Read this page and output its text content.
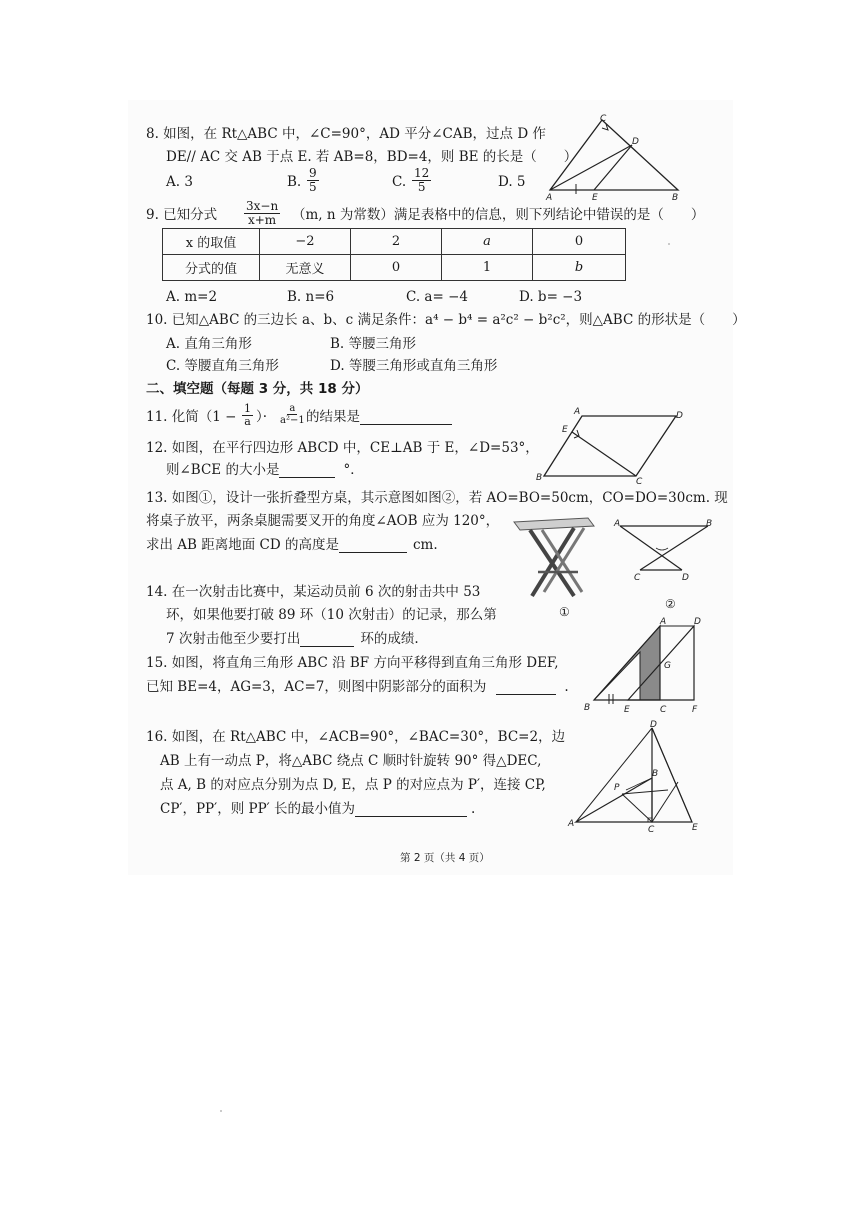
8. 如图，在 Rt△ABC 中，∠C=90°，AD 平分∠CAB，过点 D 作
DE// AC 交 AB 于点 E. 若 AB=8，BD=4，则 BE 的长是（　　）
A. 3	B. $\frac{9}{5}$	C. $\frac{12}{5}$	D. 5
C
D
A	E	B
9. 已知分式 $\frac{3x-n}{x+m} (m$, n 为常数）满足表格中的信息，则下列结论中错误的是（　　）
x 的取值	−2	2	a	0
分式的值	无意义	0	1	b
A. m=2	B. n=6	C. a= −4	D. b= −3
10. 已知△ABC 的三边长 a、b、c 满足条件：a⁴ − b⁴ = a²c² − b²c²，则△ABC 的形状是（　　）
A. 直角三角形	B. 等腰三角形
C. 等腰直角三角形	D. 等腰三角形或直角三角形
二、填空题（每题 3 分，共 18 分）
11. 化简（$1 - \frac{1}{a}$ ）· $\frac{a}{\text{a²−1}}$ 的结果是
12. 如图，在平行四边形 ABCD 中，CE⊥AB 于 E，∠D=53°，
则∠BCE 的大小是	°．
A	D
E
B	C
13. 如图①，设计一张折叠型方桌，其示意图如图②，若 AO=BO=50cm，CO=DO=30cm. 现
将桌子放平，两条桌腿需要叉开的角度∠AOB 应为 120°，
求出 AB 距离地面 CD 的高度是	cm.
①
A	B
C	D
②
14. 在一次射击比赛中，某运动员前 6 次的射击共中 53
环，如果他要打破 89 环（10 次射击）的记录，那么第
7 次射击他至少要打出	环的成绩.
15. 如图，将直角三角形 ABC 沿 BF 方向平移得到直角三角形 DEF,
已知 BE=4，AG=3，AC=7，则图中阴影部分的面积为	.
A	D
G
B	E	C	F
16. 如图，在 Rt△ABC 中，∠ACB=90°，∠BAC=30°，BC=2，边
AB 上有一动点 P，将△ABC 绕点 C 顺时针旋转 90° 得△DEC,
点 A, B 的对应点分别为点 D, E，点 P 的对应点为 P′，连接 CP,
CP′，PP′，则 PP′ 长的最小值为	.
D
P
B
A
C	E
第 2 页（共 4 页）
